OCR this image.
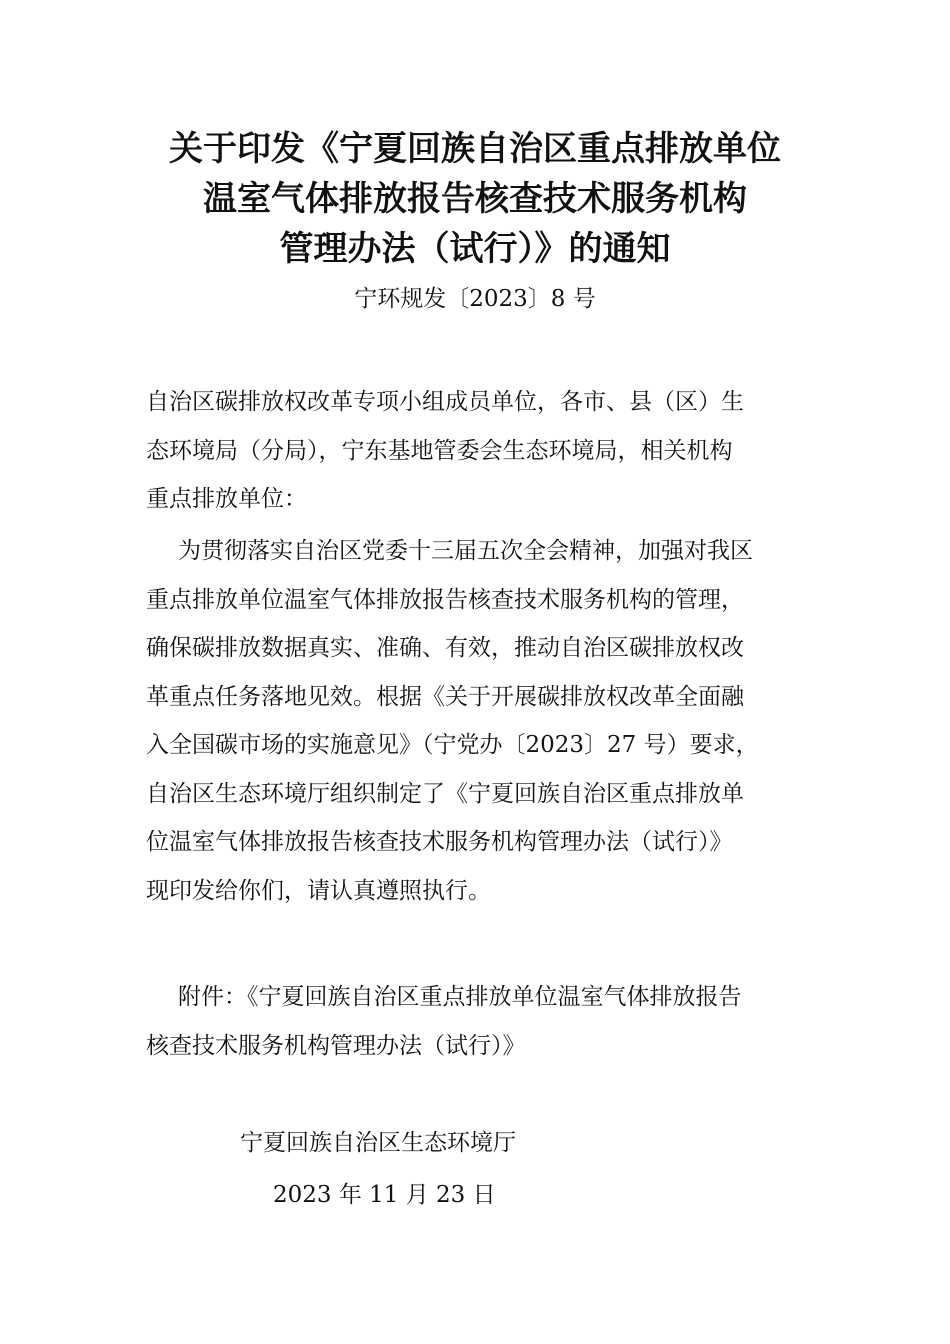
关于印发《宁夏回族自治区重点排放单位
温室气体排放报告核查技术服务机构
管理办法（试行）》的通知
宁环规发〔2023〕8 号
自治区碳排放权改革专项小组成员单位，各市、县（区）生
态环境局（分局），宁东基地管委会生态环境局，相关机构
重点排放单位：
为贯彻落实自治区党委十三届五次全会精神，加强对我区
重点排放单位温室气体排放报告核查技术服务机构的管理，
确保碳排放数据真实、准确、有效，推动自治区碳排放权改
革重点任务落地见效。根据《关于开展碳排放权改革全面融
入全国碳市场的实施意见》（宁党办〔2023〕27 号）要求，
自治区生态环境厅组织制定了《宁夏回族自治区重点排放单
位温室气体排放报告核查技术服务机构管理办法（试行）》
现印发给你们，请认真遵照执行。
附件：《宁夏回族自治区重点排放单位温室气体排放报告
核查技术服务机构管理办法（试行）》
宁夏回族自治区生态环境厅
2023 年 11 月 23 日
